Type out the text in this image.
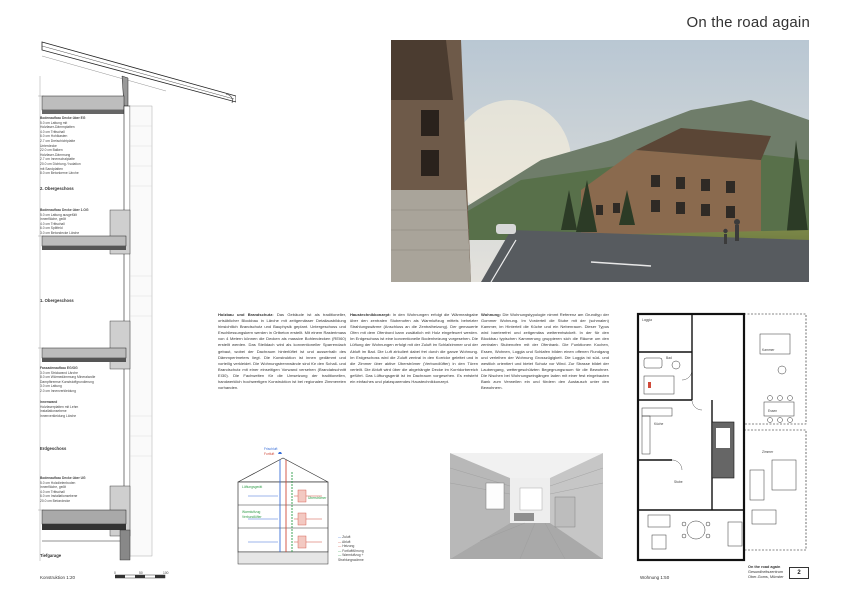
On the road again
Bodenaufbau Decke über EG
5.0 cm Lattung mit
Holzfaser-Dämmplatten
4.0 cm Trittschall
6.0 cm Hohlkasten
2.7 cm Dreischichtplatte
Unterdecke
22.0 cm Balken
Holzfaser-Dämmung
2.7 cm Innenschalplatte
20.0 cm Dichtung / Isolation
mit Sandplatten
8.0 cm Betonkerne Lärche
2. Obergeschoss
Bodenaufbau Decke über 1.OG
5.0 cm Lattung ausgefüllt
Innenfläche, geölt
4.0 cm Trittschall
6.0 cm Splitfeld
3.0 cm Betondecke Lärche
1. Obergeschoss
Fassadenaufbau EG/OG
3.0 cm Strickwand Lärche
8.0 cm Wärmedämmung Mineralwolle
Dampfbremse Kunststoffgrundierung
3.0 cm Lattung
2.0 cm Innenverkleidung
Innenwand
Holzfaserplatten mit Lehm
Installationsebene
Innenverkleidung Lärche
Erdgeschoss
Bodenaufbau Decke über UG
5.0 cm Holzdielenboden
Innenfläche, geölt
4.0 cm Trittschall
6.0 cm Installationsebene
20.0 cm Betondecke
Tiefgarage
Konstruktion 1:20
0	50	100
Holzbau und Brandschutz: Das Gebäude ist als traditioneller, ortsüblicher Blockbau in Lärche mit zeitgemässer Detailausbildung hinsichtlich Brandschutz und Bauphysik geplant. Untergeschoss und Erschliessungskern werden in Ortbeton erstellt. Mit einem Rasterimass von 4 Metern können die Decken als massive Bohlendecken (REI60) erstellt werden. Das Steildach wird als konventioneller Sparrendach gebaut, wobei der Dachraum hinterlüftet ist und ausserhalb des Dämmperimeters liegt. Die Konstruktion ist innen gedämmt und vorteilig verkleidet. Die Wohnungstrennwände sind für den Schall- und Brandschutz mit einer einseitigen Vorwand versehen (Brandabschnitt EI30). Die Fachwelten für die Umsetzung der traditionellen, handwerklich hochwertigen Konstruktion ist bei regionalen Zimmereien vorhanden.
Haustechnikkonzept: In den Wohnungen erfolgt die Wärmeabgabe über den zentralen Stubenofen als Warmluftzug mittels beheizter Strahlungswärme (Anschluss an die Zentralheizung). Der gemauerte Ofen mit dem Ofenbord kann zusätzlich mit Holz eingefeuert werden. Im Erdgeschoss ist eine konventionelle Bodenheizung vorgesehen. Die Lüftung der Wohnungen erfolgt mit der Zuluft im Schlafzimmer und der Abluft im Bad. Die Luft zirkuliert dabei frei durch die ganze Wohnung. Im Erdgeschoss wird die Zuluft zentral in den Korridor geleitet und in die Zimmer über aktive Überströmer (Verbundlüfter) in den Türen verteilt. Die Abluft wird über die abgehängte Decke im Korridorbereich geführt. Das Lüftungsgerät ist im Dachraum vorgesehen. Es entsteht ein einfaches und platzsparendes Haustechnikkonzept.
Wohnung: Die Wohnungstypologie nimmt Referenz am Grundtyp der Gommer Wohnung. Im Vorderteil die Stube mit der (schmalen) Kammer, im Hinterteil die Küche und ein Nebenraum. Dieser Typus wird barrierefrei und zeitgemäss weiterentwickelt. In der für den Blockbau typischen Kammerung gruppieren sich die Räume um den zentralen Stubenofen mit der Ofenbank. Die Funktionen Kochen, Essen, Wohnen, Loggia und Schlafen bilden einen offenen Rundgang und verleihen der Wohnung Grosszügigkeit. Die Loggia ist süd- und westlich orientiert und bietet Schutz vor Wind. Zur Strasse bildet der Laubengang, wettergeschützten Begegnungsraum für die Bewohner. Die Nischen bei Wohnungseingängen laden mit einer fest eingebauten Bank zum Verweilen ein und fördern den Austausch unter den Bewohnern.
Fortluft
Lüftungsgerät
Warmluftzug
Verbundlüfter
Überströmer
Frischluft
— Zuluft
— Abluft
— Heizung
— Fortluftführung
— Warmluftzug + Strahlungswärme
Loggia
Bad
Küche
Stube
Kammer
Zimmer
Essen
Wohnung 1:50
On the road again
Gesundheitszentrum
Ober-Goms, Münster
2
